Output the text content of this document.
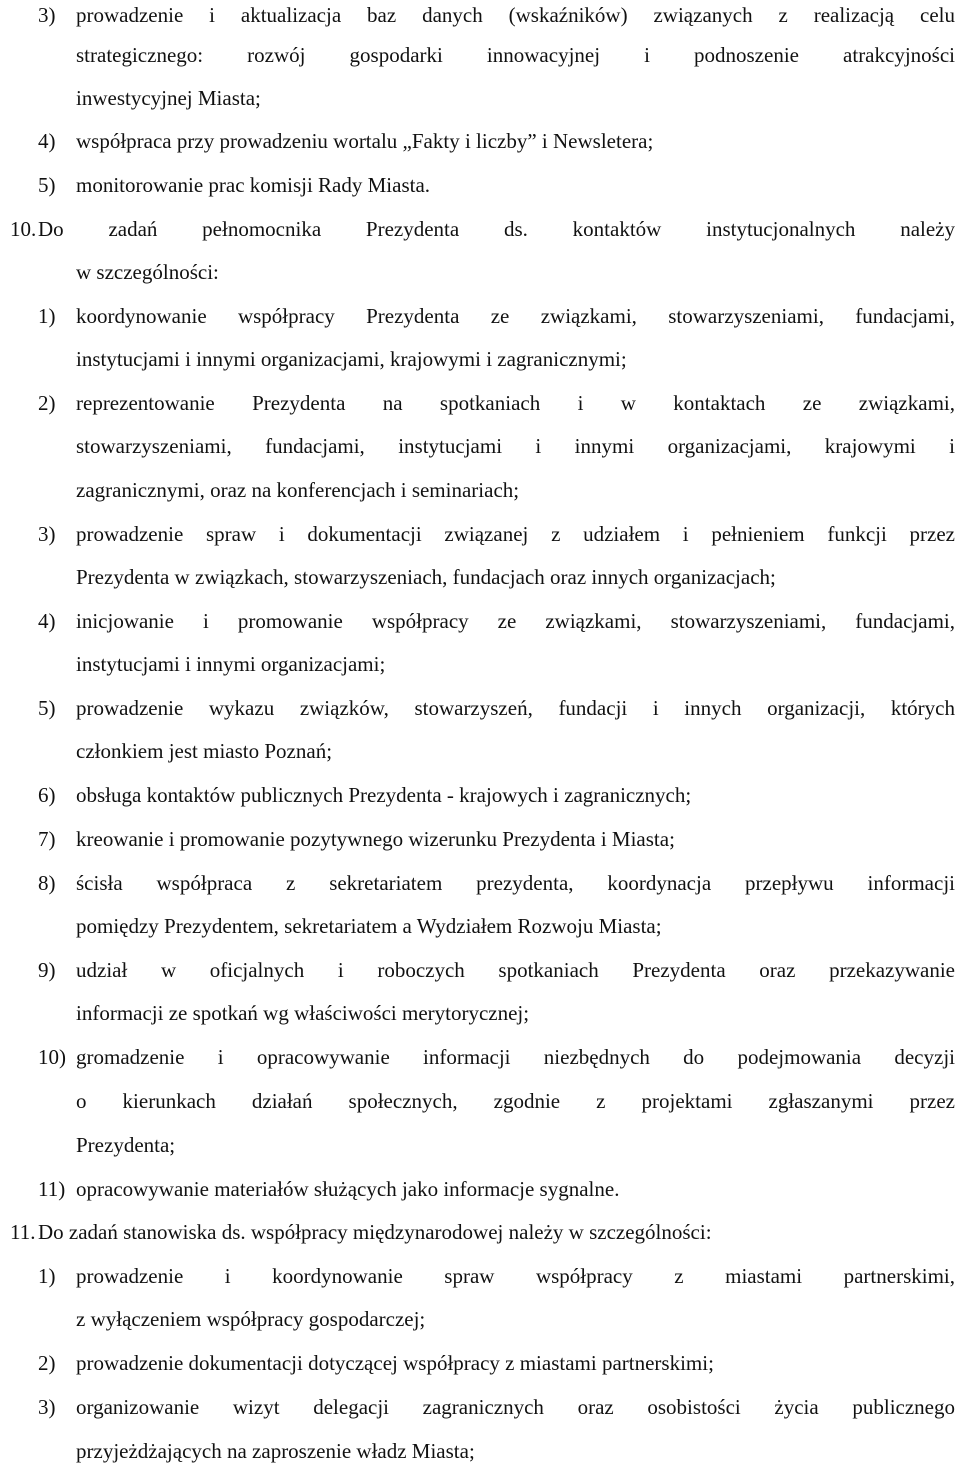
3) prowadzenie i aktualizacja baz danych (wskaźników) związanych z realizacją celu
strategicznego: rozwój gospodarki innowacyjnej i podnoszenie atrakcyjności
inwestycyjnej Miasta;
4) współpraca przy prowadzeniu wortalu „Fakty i liczby” i Newsletera;
5) monitorowanie prac komisji Rady Miasta.
10. Do zadań pełnomocnika Prezydenta ds. kontaktów instytucjonalnych należy
w szczególności:
1) koordynowanie współpracy Prezydenta ze związkami, stowarzyszeniami, fundacjami,
instytucjami i innymi organizacjami, krajowymi i zagranicznymi;
2) reprezentowanie Prezydenta na spotkaniach i w kontaktach ze związkami,
stowarzyszeniami, fundacjami, instytucjami i innymi organizacjami, krajowymi i
zagranicznymi, oraz na konferencjach i seminariach;
3) prowadzenie spraw i dokumentacji związanej z udziałem i pełnieniem funkcji przez
Prezydenta w związkach, stowarzyszeniach, fundacjach oraz innych organizacjach;
4) inicjowanie i promowanie współpracy ze związkami, stowarzyszeniami, fundacjami,
instytucjami i innymi organizacjami;
5) prowadzenie wykazu związków, stowarzyszeń, fundacji i innych organizacji, których
członkiem jest miasto Poznań;
6) obsługa kontaktów publicznych Prezydenta - krajowych i zagranicznych;
7) kreowanie i promowanie pozytywnego wizerunku Prezydenta i Miasta;
8) ścisła współpraca z sekretariatem prezydenta, koordynacja przepływu informacji
pomiędzy Prezydentem, sekretariatem a Wydziałem Rozwoju Miasta;
9) udział w oficjalnych i roboczych spotkaniach Prezydenta oraz przekazywanie
informacji ze spotkań wg właściwości merytorycznej;
10) gromadzenie i opracowywanie informacji niezbędnych do podejmowania decyzji
o kierunkach działań społecznych, zgodnie z projektami zgłaszanymi przez
Prezydenta;
11) opracowywanie materiałów służących jako informacje sygnalne.
11. Do zadań stanowiska ds. współpracy międzynarodowej należy w szczególności:
1) prowadzenie i koordynowanie spraw współpracy z miastami partnerskimi,
z wyłączeniem współpracy gospodarczej;
2) prowadzenie dokumentacji dotyczącej współpracy z miastami partnerskimi;
3) organizowanie wizyt delegacji zagranicznych oraz osobistości życia publicznego
przyjeżdżających na zaproszenie władz Miasta;
